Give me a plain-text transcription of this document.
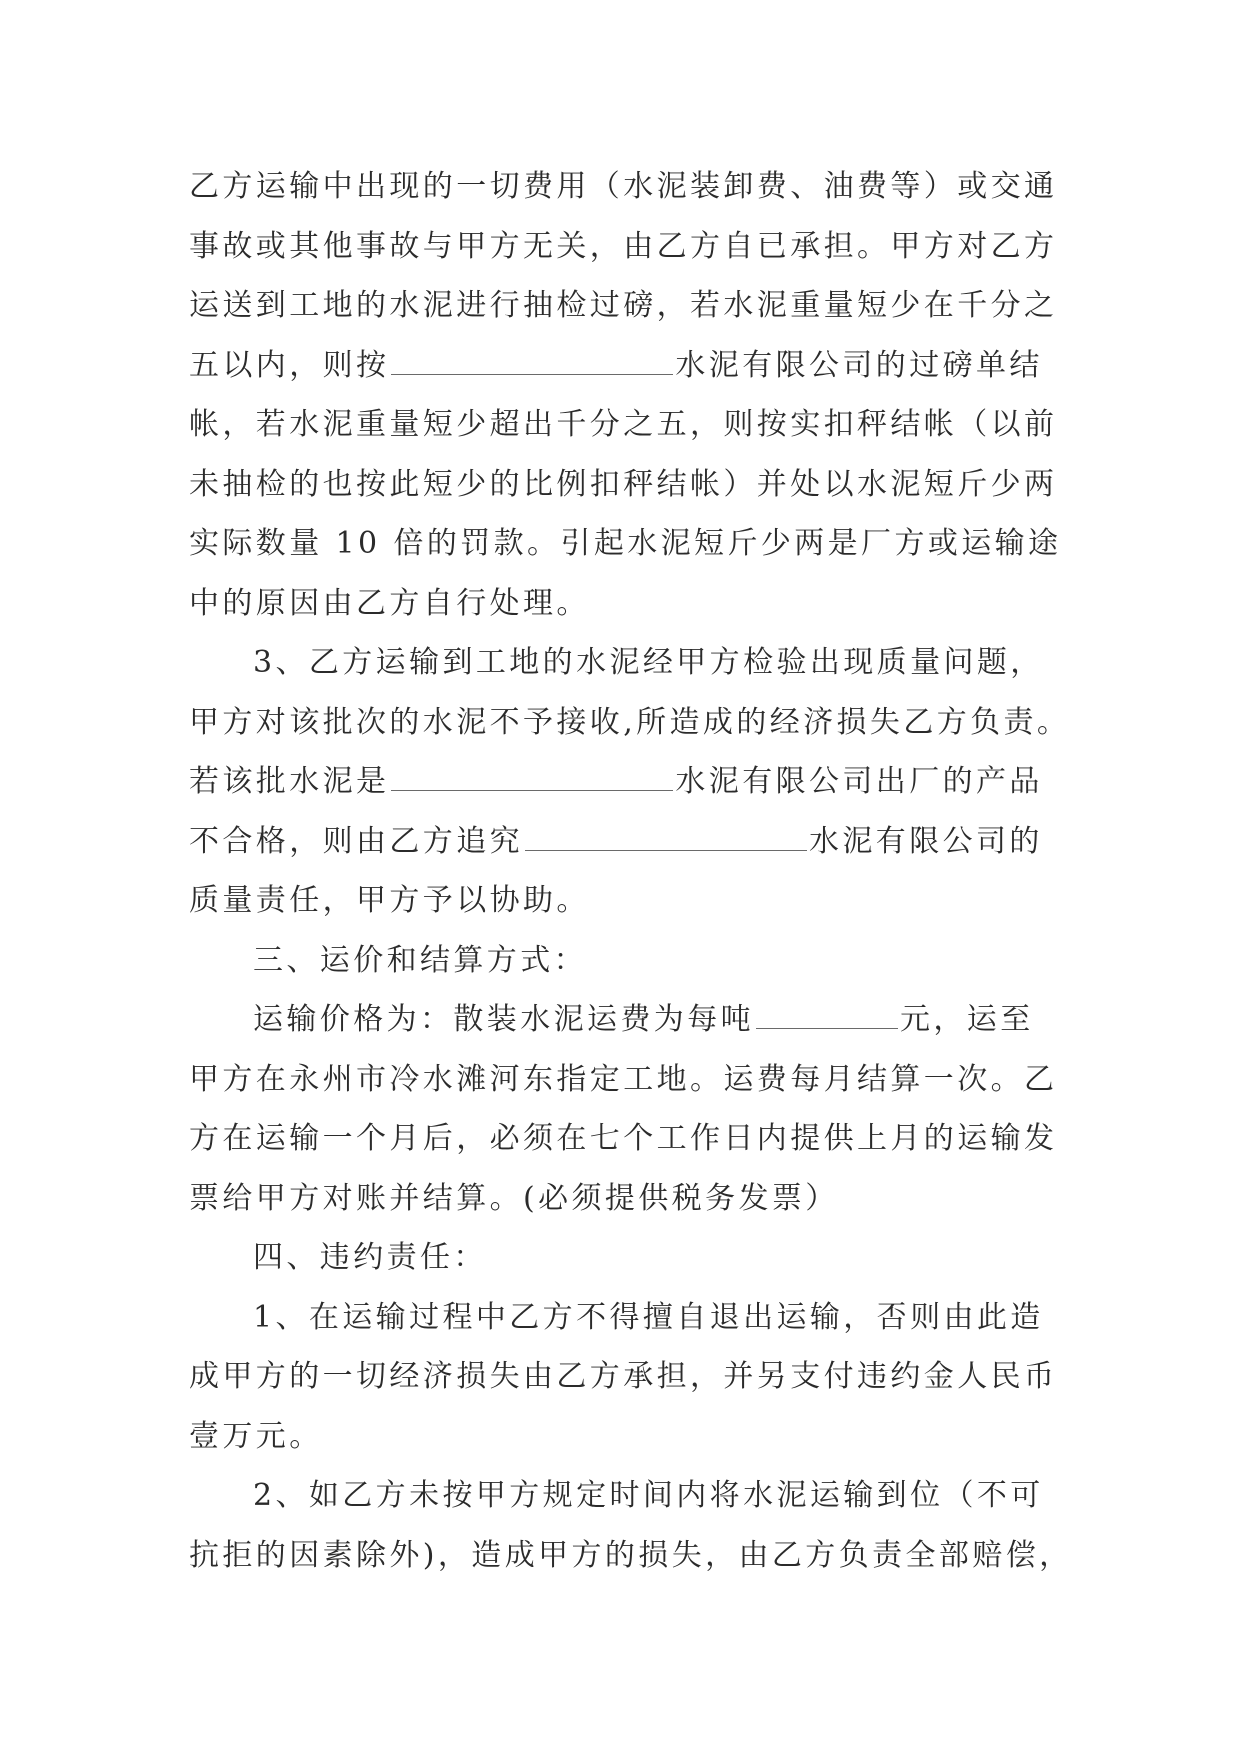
乙方运输中出现的一切费用（水泥装卸费、油费等）或交通
事故或其他事故与甲方无关，由乙方自已承担。甲方对乙方
运送到工地的水泥进行抽检过磅，若水泥重量短少在千分之
五以内，则按	水泥有限公司的过磅单结
帐，若水泥重量短少超出千分之五，则按实扣秤结帐（以前
未抽检的也按此短少的比例扣秤结帐）并处以水泥短斤少两
实际数量 10 倍的罚款。引起水泥短斤少两是厂方或运输途
中的原因由乙方自行处理。
3、乙方运输到工地的水泥经甲方检验出现质量问题，
甲方对该批次的水泥不予接收,所造成的经济损失乙方负责。
若该批水泥是	水泥有限公司出厂的产品
不合格，则由乙方追究	水泥有限公司的
质量责任，甲方予以协助。
三、运价和结算方式：
运输价格为：散装水泥运费为每吨	元，运至
甲方在永州市冷水滩河东指定工地。运费每月结算一次。乙
方在运输一个月后，必须在七个工作日内提供上月的运输发
票给甲方对账并结算。(必须提供税务发票）
四、违约责任：
1、在运输过程中乙方不得擅自退出运输，否则由此造
成甲方的一切经济损失由乙方承担，并另支付违约金人民币
壹万元。
2、如乙方未按甲方规定时间内将水泥运输到位（不可
抗拒的因素除外)，造成甲方的损失，由乙方负责全部赔偿，
